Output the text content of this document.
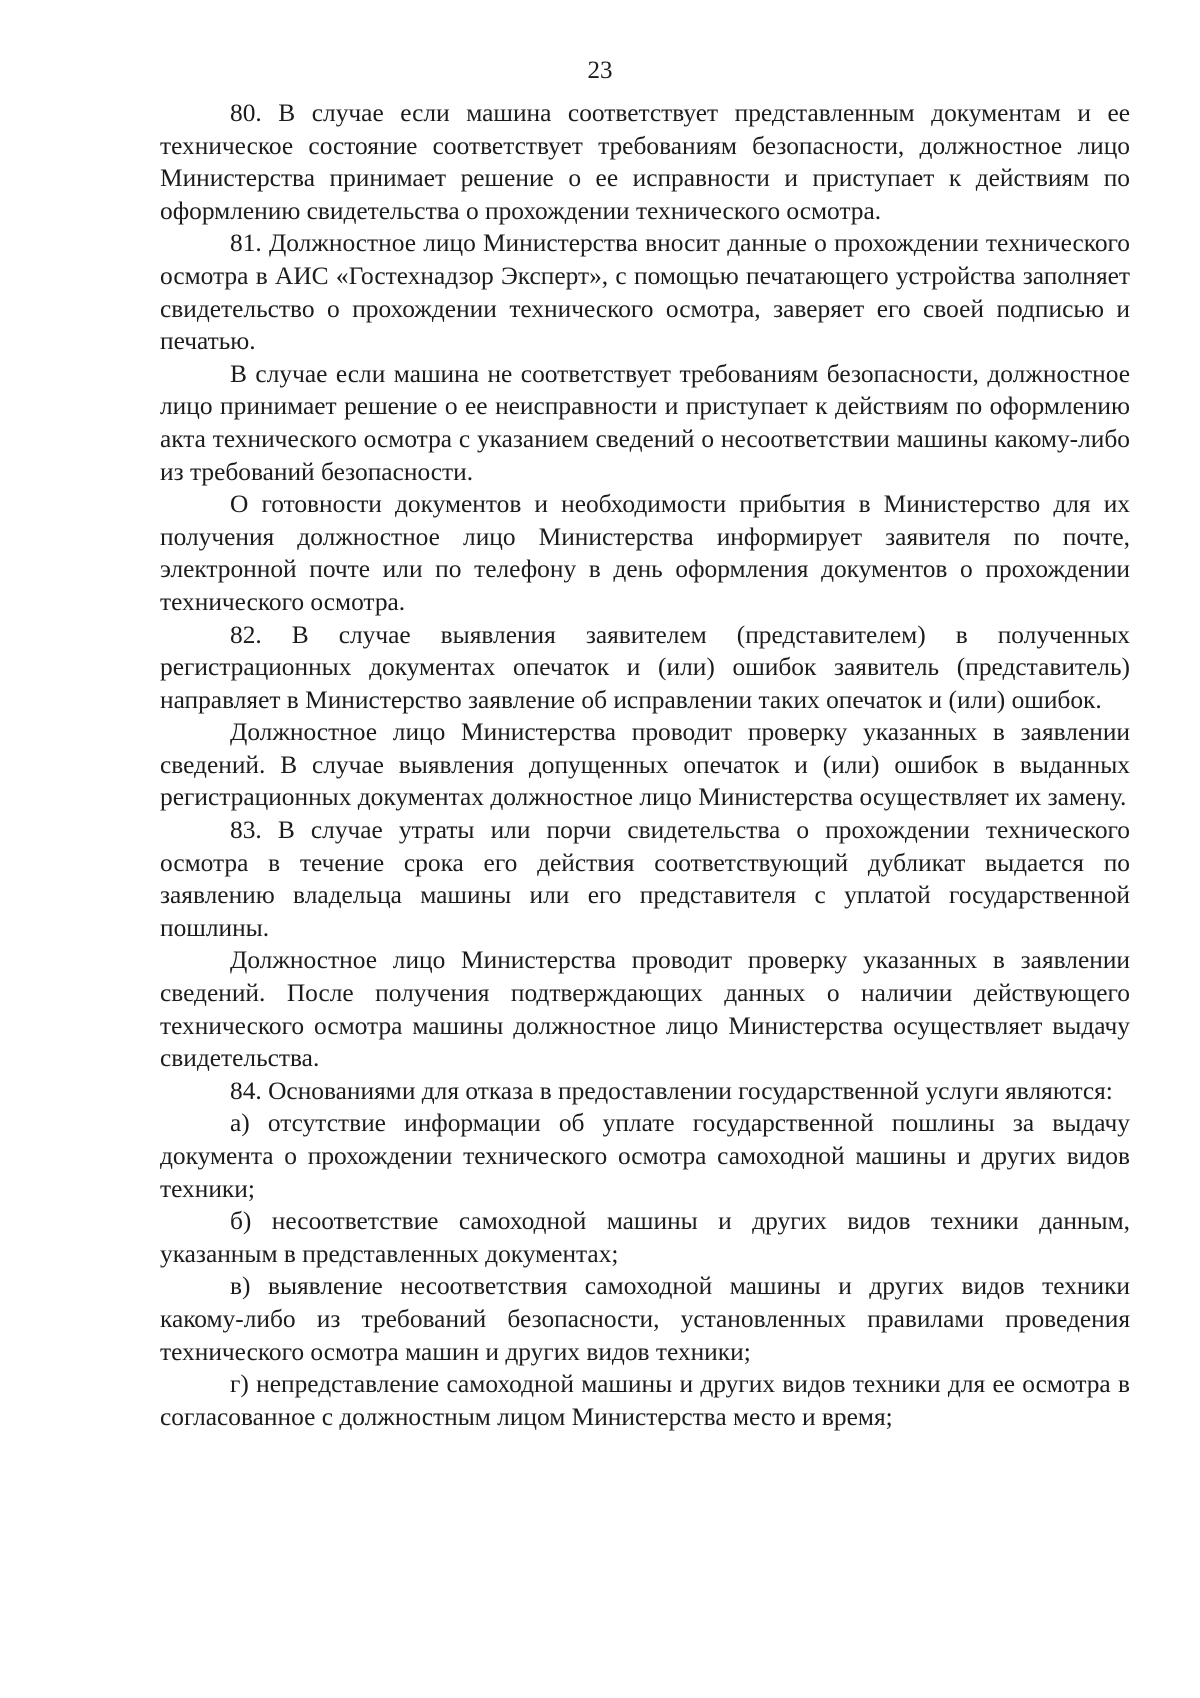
23

80. В случае если машина соответствует представленным документам и ее техническое состояние соответствует требованиям безопасности, должностное лицо Министерства принимает решение о ее исправности и приступает к действиям по оформлению свидетельства о прохождении технического осмотра.

81. Должностное лицо Министерства вносит данные о прохождении технического осмотра в АИС «Гостехнадзор Эксперт», с помощью печатающего устройства заполняет свидетельство о прохождении технического осмотра, заверяет его своей подписью и печатью.

В случае если машина не соответствует требованиям безопасности, должностное лицо принимает решение о ее неисправности и приступает к действиям по оформлению акта технического осмотра с указанием сведений о несоответствии машины какому-либо из требований безопасности.

О готовности документов и необходимости прибытия в Министерство для их получения должностное лицо Министерства информирует заявителя по почте, электронной почте или по телефону в день оформления документов о прохождении технического осмотра.

82. В случае выявления заявителем (представителем) в полученных регистрационных документах опечаток и (или) ошибок заявитель (представитель) направляет в Министерство заявление об исправлении таких опечаток и (или) ошибок.

Должностное лицо Министерства проводит проверку указанных в заявлении сведений. В случае выявления допущенных опечаток и (или) ошибок в выданных регистрационных документах должностное лицо Министерства осуществляет их замену.

83. В случае утраты или порчи свидетельства о прохождении технического осмотра в течение срока его действия соответствующий дубликат выдается по заявлению владельца машины или его представителя с уплатой государственной пошлины.

Должностное лицо Министерства проводит проверку указанных в заявлении сведений. После получения подтверждающих данных о наличии действующего технического осмотра машины должностное лицо Министерства осуществляет выдачу свидетельства.

84. Основаниями для отказа в предоставлении государственной услуги являются:

а) отсутствие информации об уплате государственной пошлины за выдачу документа о прохождении технического осмотра самоходной машины и других видов техники;

б) несоответствие самоходной машины и других видов техники данным, указанным в представленных документах;

в) выявление несоответствия самоходной машины и других видов техники какому-либо из требований безопасности, установленных правилами проведения технического осмотра машин и других видов техники;

г) непредставление самоходной машины и других видов техники для ее осмотра в согласованное с должностным лицом Министерства место и время;
